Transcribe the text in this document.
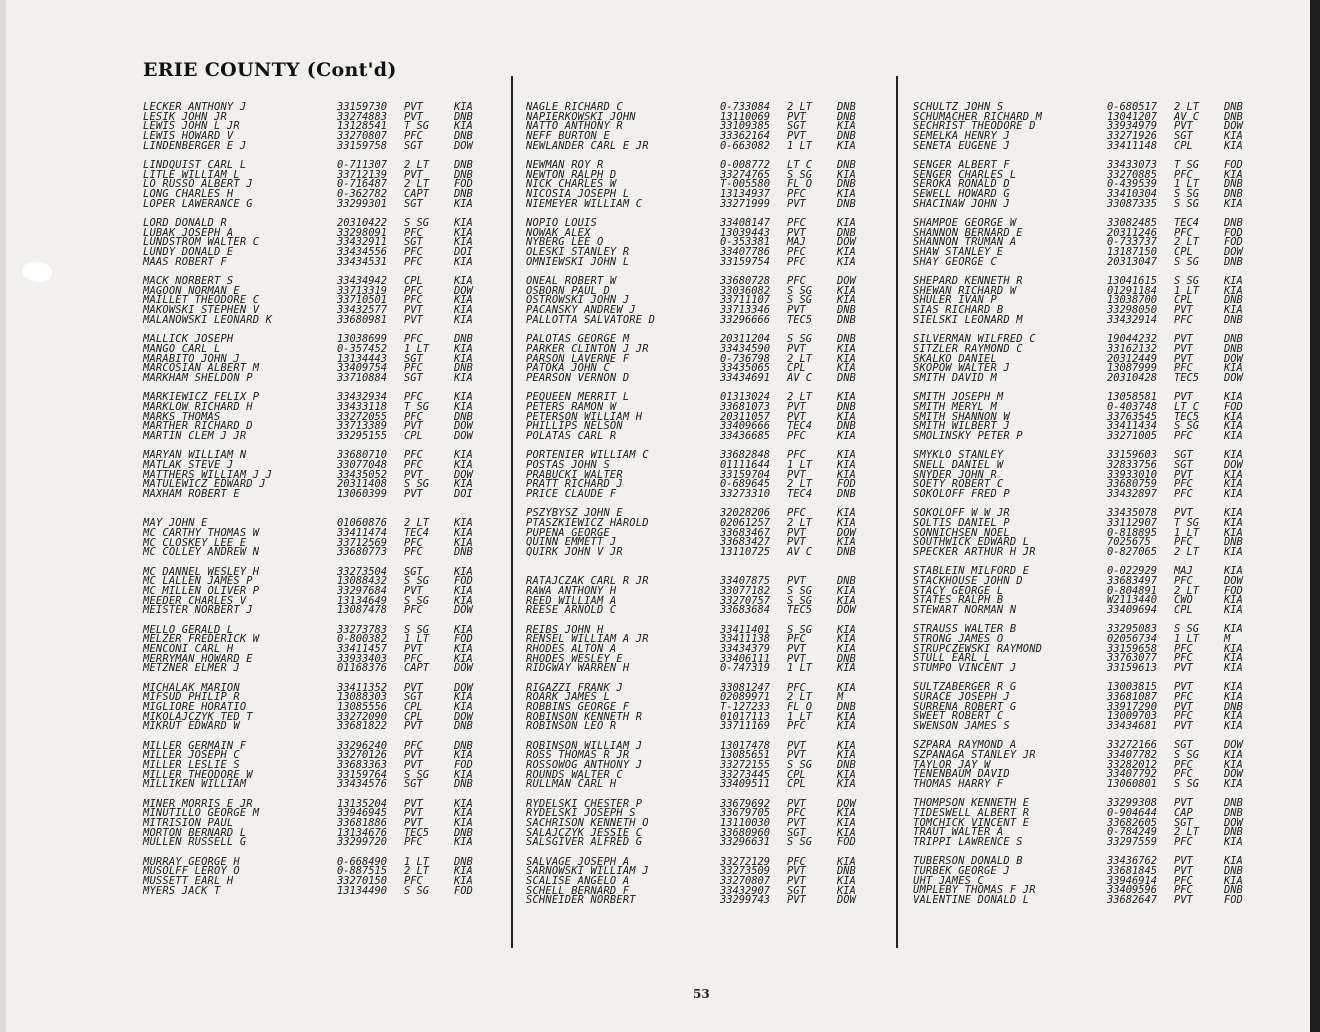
ERIE COUNTY (Cont'd)
LECKER ANTHONY J	33159730 PVT	KIA
LESIK JOHN JR	33274883 PVT	DNB
LEWIS JOHN L JR	13128541 T SG KIA
LEWIS HOWARD V	33270807 PFC	DNB
LINDENBERGER E J	33159758 SGT	DOW
LINDQUIST CARL L	0-711307 2 LT DNB
LITLE WILLIAM L	33712139 PVT	DNB
LO RUSSO ALBERT J	0-716487 2 LT FOD
LONG CHARLES H	0-362782 CAPT DNB
LOPER LAWERANCE G	33299301 SGT	KIA
LORD DONALD R	20310422 S SG KIA
LUBAK JOSEPH A	33298091 PFC	KIA
LUNDSTROM WALTER C	33432911 SGT	KIA
LUNDY DONALD E	33434556 PFC	DOI
MAAS ROBERT F	33434531 PFC	KIA
MACK NORBERT S	33434942 CPL	KIA
MAGOON NORMAN E	33713319 PFC	DOW
MAILLET THEODORE C	33710501 PFC	KIA
MAKOWSKI STEPHEN V	33432577 PVT	KIA
MALANOWSKI LEONARD K	33680981 PVT	KIA
MALLICK JOSEPH	13038699 PFC	DNB
MANGO CARL L	0-357452 1 LT KIA
MARABITO JOHN J	13134443 SGT	KIA
MARCOSIAN ALBERT M	33409754 PFC	DNB
MARKHAM SHELDON P	33710884 SGT	KIA
MARKIEWICZ FELIX P	33432934 PFC	KIA
MARKLOW RICHARD H	33433118 T SG KIA
MARKS THOMAS	33272055 PFC	DNB
MARTHER RICHARD D	33713389 PVT	DOW
MARTIN CLEM J JR	33295155 CPL	DOW
MARYAN WILLIAM N	33680710 PFC	KIA
MATLAK STEVE J	33077048 PFC	KIA
MATTHERS WILLIAM J J	33435052 PVT	DOW
MATULEWICZ EDWARD J	20311408 S SG KIA
MAXHAM ROBERT E	13060399 PVT	DOI
MAY JOHN E	01060876 2 LT KIA
MC CARTHY THOMAS W	33411474 TEC4 KIA
MC CLOSKEY LEE E	33712569 PFC	KIA
MC COLLEY ANDREW N	33680773 PFC	DNB
MC DANNEL WESLEY H	33273504 SGT	KIA
MC LALLEN JAMES P	13088432 S SG FOD
MC MILLEN OLIVER P	33297684 PVT	KIA
MEEDER CHARLES V	13134649 S SG KIA
MEISTER NORBERT J	13087478 PFC	DOW
MELLO GERALD L	33273783 S SG KIA
MELZER FREDERICK W	0-800382 1 LT FOD
MENCONI CARL H	33411457 PVT	KIA
MERRYMAN HOWARD E	33933403 PFC	KIA
METZNER ELMER J	01168376 CAPT DOW
MICHALAK MARION	33411352 PVT	DOW
MIFSUD PHILIP R	13088303 SGT	KIA
MIGLIORE HORATIO	13085556 CPL	KIA
MIKOLAJCZYK TED T	33272090 CPL	DOW
MIKRUT EDWARD W	33681822 PVT	DNB
MILLER GERMAIN F	33296240 PFC	DNB
MILLER JOSEPH C	33270126 PVT	KIA
MILLER LESLIE S	33683363 PVT	FOD
MILLER THEODORE W	33159764 S SG KIA
MILLIKEN WILLIAM	33434576 SGT	DNB
MINER MORRIS E JR	13135204 PVT	KIA
MINUTILLO GEORGE M	33946945 PVT	KIA
MITRISION PAUL	33681886 PVT	KIA
MORTON BERNARD L	13134676 TEC5 DNB
MULLEN RUSSELL G	33299720 PFC	KIA
MURRAY GEORGE H	0-668490 1 LT DNB
MUSOLFF LEROY O	0-887515 2 LT KIA
MUSSETT EARL H	33270150 PFC	KIA
MYERS JACK T	13134490 S SG FOD
NAGLE RICHARD C	0-733084 2 LT DNB
NAPIERKOWSKI JOHN	13110069 PVT	DNB
NATTO ANTHONY R	33109385 SGT	KIA
NEFF BURTON E	33362164 PVT	DNB
NEWLANDER CARL E JR	0-663082 1 LT KIA
NEWMAN ROY R	0-008772 LT C DNB
NEWTON RALPH D	33274765 S SG KIA
NICK CHARLES W	T-005580 FL O DNB
NICOSIA JOSEPH L	13134937 PFC	KIA
NIEMEYER WILLIAM C	33271999 PVT	DNB
NOPIO LOUIS	33408147 PFC	KIA
NOWAK ALEX	13039443 PVT	DNB
NYBERG LEE O	0-353381 MAJ	DOW
OLESKI STANLEY R	33407786 PFC	KIA
OMNIEWSKI JOHN L	33159754 PFC	KIA
ONEAL ROBERT W	33680728 PFC	DOW
OSBORN PAUL D	33036082 S SG KIA
OSTROWSKI JOHN J	33711107 S SG KIA
PACANSKY ANDREW J	33713346 PVT	DNB
PALLOTTA SALVATORE D	33296666 TEC5 DNB
PALOTAS GEORGE M	20311204 S SG DNB
PARKER CLINTON J JR	33434590 PVT	KIA
PARSON LAVERNE F	0-736798 2 LT KIA
PATOKA JOHN C	33435065 CPL	KIA
PEARSON VERNON D	33434691 AV C DNB
PEQUEEN MERRIT L	01313024 2 LT KIA
PETERS RAMON W	33681073 PVT	DNB
PETERSON WILLIAM H	20311057 PVT	KIA
PHILLIPS NELSON	33409666 TEC4 DNB
POLATAS CARL R	33436685 PFC	KIA
PORTENIER WILLIAM C	33682848 PFC	KIA
POSTAS JOHN S	01111644 1 LT KIA
PRABUCKI WALTER	33159704 PVT	KIA
PRATT RICHARD J	0-689645 2 LT FOD
PRICE CLAUDE F	33273310 TEC4 DNB
PSZYBYSZ JOHN E	32028206 PFC	KIA
PTASZKIEWICZ HAROLD	02061257 2 LT KIA
PUPENA GEORGE	33683467 PVT	DOW
QUINN EMMETT J	33683427 PVT	KIA
QUIRK JOHN V JR	13110725 AV C DNB
RATAJCZAK CARL R JR	33407875 PVT	DNB
RAWA ANTHONY H	33077182 S SG KIA
REED WILLIAM A	33270757 S SG KIA
REESE ARNOLD C	33683684 TEC5 DOW
REIBS JOHN H	33411401 S SG KIA
RENSEL WILLIAM A JR	33411138 PFC	KIA
RHODES ALTON A	33434379 PVT	KIA
RHODES WESLEY E	33406111 PVT	DNB
RIDGWAY WARREN H	0-747319 1 LT KIA
RIGAZZI FRANK J	33081247 PFC	KIA
ROARK JAMES L	02089971 2 LT M
ROBBINS GEORGE F	T-127233 FL O DNB
ROBINSON KENNETH R	01017113 1 LT KIA
ROBINSON LEO R	33711169 PFC	KIA
ROBINSON WILLIAM J	13017478 PVT	KIA
ROSS THOMAS R JR	13085651 PVT	KIA
ROSSOWOG ANTHONY J	33272155 S SG DNB
ROUNDS WALTER C	33273445 CPL	KIA
RULLMAN CARL H	33409511 CPL	KIA
RYDELSKI CHESTER P	33679692 PVT	DOW
RYDELSKI JOSEPH S	33679705 PFC	KIA
SACHRISON KENNETH O	13110030 PVT	KIA
SALAJCZYK JESSIE C	33680960 SGT	KIA
SALSGIVER ALFRED G	33296631 S SG FOD
SALVAGE JOSEPH A	33272129 PFC	KIA
SARNOWSKI WILLIAM J	33273509 PVT	DNB
SCALISE ANGELO A	33270807 PVT	KIA
SCHELL BERNARD F	33432907 SGT	KIA
SCHNEIDER NORBERT	33299743 PVT	DOW
SCHULTZ JOHN S	0-680517 2 LT DNB
SCHUMACHER RICHARD M	13041207 AV C DNB
SECHRIST THEODORE D	33934979 PVT	DOW
SEMELKA HENRY J	33271926 SGT	KIA
SENETA EUGENE J	33411148 CPL	KIA
SENGER ALBERT F	33433073 T SG FOD
SENGER CHARLES L	33270885 PFC	KIA
SEROKA RONALD D	0-439539 1 LT DNB
SEWELL HOWARD G	33410304 S SG DNB
SHACINAW JOHN J	33087335 S SG KIA
SHAMPOE GEORGE W	33082485 TEC4 DNB
SHANNON BERNARD E	20311246 PFC	FOD
SHANNON TRUMAN A	0-733737 2 LT FOD
SHAW STANLEY E	13187150 CPL	DOW
SHAY GEORGE C	20313047 S SG DNB
SHEPARD KENNETH R	13041615 S SG KIA
SHEWAN RICHARD W	01291184 1 LT KIA
SHULER IVAN P	13038700 CPL	DNB
SIAS RICHARD B	33298050 PVT	KIA
SIELSKI LEONARD M	33432914 PFC	DNB
SILVERMAN WILFRED C	19044232 PVT	DNB
SITZLER RAYMOND C	33162132 PVT	DNB
SKALKO DANIEL	20312449 PVT	DOW
SKOPOW WALTER J	13087999 PFC	KIA
SMITH DAVID M	20310428 TEC5 DOW
SMITH JOSEPH M	13058581 PVT	KIA
SMITH MERYL M	0-403748 LT C FOD
SMITH SHANNON W	33763545 TEC5 KIA
SMITH WILBERT J	33411434 S SG KIA
SMOLINSKY PETER P	33271005 PFC	KIA
SMYKLO STANLEY	33159603 SGT	KIA
SNELL DANIEL W	32833756 SGT	DOW
SNYDER JOHN R	33933010 PVT	KIA
SOETY ROBERT C	33680759 PFC	KIA
SOKOLOFF FRED P	33432897 PFC	KIA
SOKOLOFF W W JR	33435078 PVT	KIA
SOLTIS DANIEL P	33112907 T SG KIA
SONNICHSEN NOEL	0-818895 1 LT KIA
SOUTHWICK EDWARD L	7025675 PFC	DNB
SPECKER ARTHUR H JR	0-827065 2 LT KIA
STABLEIN MILFORD E	0-022929 MAJ	KIA
STACKHOUSE JOHN D	33683497 PFC	DOW
STACY GEORGE L	0-804891 2 LT FOD
STATES RALPH B	W2113440 CWO	KIA
STEWART NORMAN N	33409694 CPL	KIA
STRAUSS WALTER B	33295083 S SG KIA
STRONG JAMES O	02056734 1 LT M
STRUPCZEWSKI RAYMOND	33159658 PFC	KIA
STULL EARL L	33763077 PFC	KIA
STUMPO VINCENT J	33159613 PVT	KIA
SULTZABERGER R G	13003815 PVT	KIA
SURACE JOSEPH J	33681087 PFC	KIA
SURRENA ROBERT G	33917290 PVT	DNB
SWEET ROBERT C	13009703 PFC	KIA
SWENSON JAMES S	33434681 PVT	KIA
SZPARA RAYMOND A	33272166 SGT	DOW
SZPANAGA STANLEY JR	33407782 S SG KIA
TAYLOR JAY W	33282012 PFC	KIA
TENENBAUM DAVID	33407792 PFC	DOW
THOMAS HARRY F	13060801 S SG KIA
THOMPSON KENNETH E	33299308 PVT	DNB
TIDESWELL ALBERT R	0-904644 CAP	DNB
TOMCHICK VINCENT E	33682605 SGT	DOW
TRAUT WALTER A	0-784249 2 LT DNB
TRIPPI LAWRENCE S	33297559 PFC	KIA
TUBERSON DONALD B	33436762 PVT	KIA
TURBEK GEORGE J	33681845 PVT	DNB
UHT JAMES C	33946914 PFC	KIA
UMPLEBY THOMAS F JR	33409596 PFC	DNB
VALENTINE DONALD L	33682647 PVT	FOD
53
